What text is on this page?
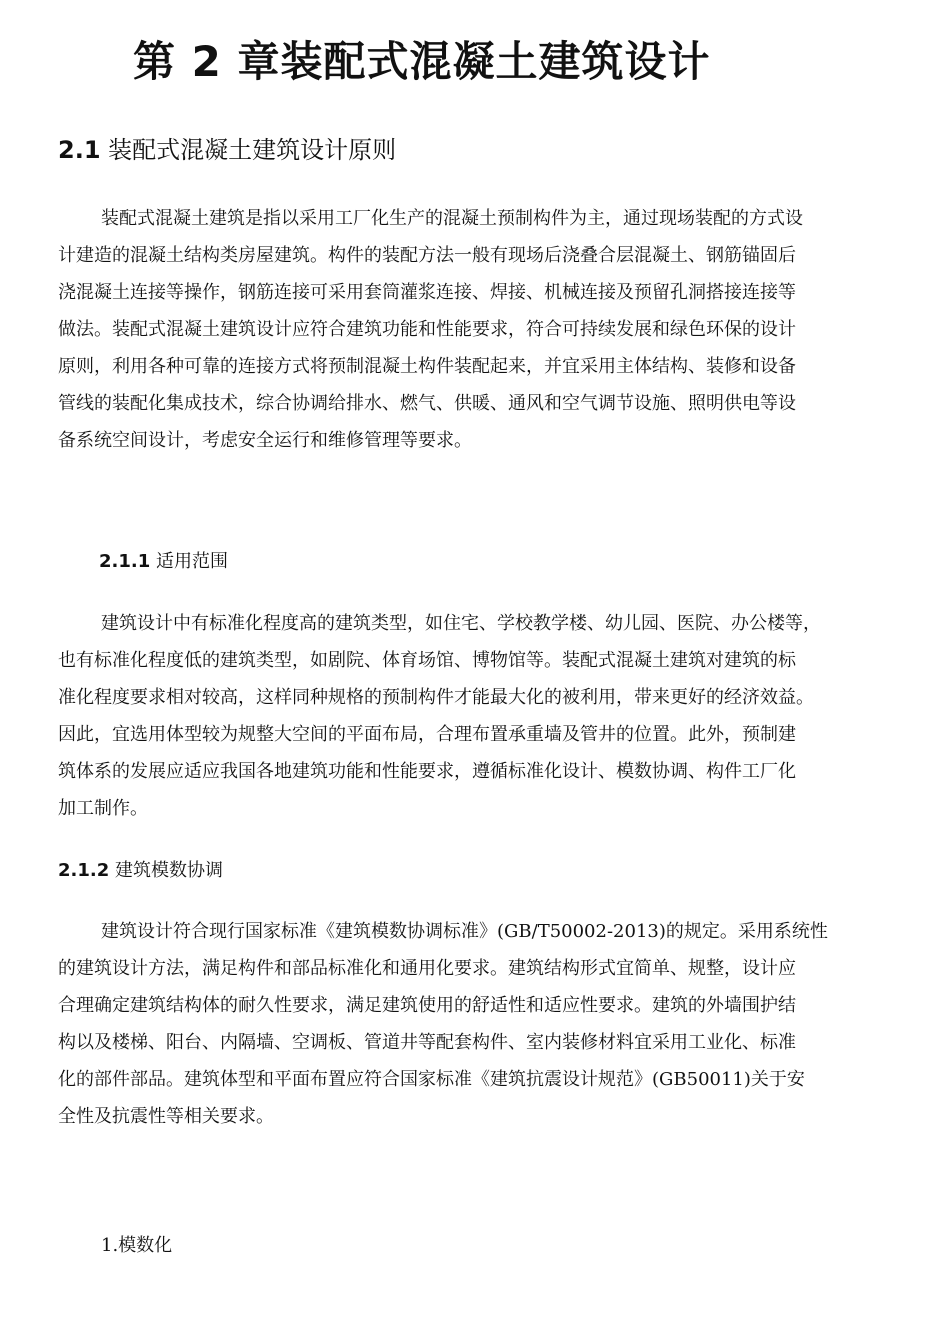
第 2 章装配式混凝土建筑设计
2.1 装配式混凝土建筑设计原则
装配式混凝土建筑是指以采用工厂化生产的混凝土预制构件为主，通过现场装配的方式设
计建造的混凝土结构类房屋建筑。构件的装配方法一般有现场后浇叠合层混凝土、钢筋锚固后
浇混凝土连接等操作，钢筋连接可采用套筒灌浆连接、焊接、机械连接及预留孔洞搭接连接等
做法。装配式混凝土建筑设计应符合建筑功能和性能要求，符合可持续发展和绿色环保的设计
原则，利用各种可靠的连接方式将预制混凝土构件装配起来，并宜采用主体结构、装修和设备
管线的装配化集成技术，综合协调给排水、燃气、供暖、通风和空气调节设施、照明供电等设
备系统空间设计，考虑安全运行和维修管理等要求。
2.1.1 适用范围
建筑设计中有标准化程度高的建筑类型，如住宅、学校教学楼、幼儿园、医院、办公楼等，
也有标准化程度低的建筑类型，如剧院、体育场馆、博物馆等。装配式混凝土建筑对建筑的标
准化程度要求相对较高，这样同种规格的预制构件才能最大化的被利用，带来更好的经济效益。
因此，宜选用体型较为规整大空间的平面布局，合理布置承重墙及管井的位置。此外，预制建
筑体系的发展应适应我国各地建筑功能和性能要求，遵循标准化设计、模数协调、构件工厂化
加工制作。
2.1.2 建筑模数协调
建筑设计符合现行国家标准《建筑模数协调标准》(GB/T50002-2013)的规定。采用系统性
的建筑设计方法，满足构件和部品标准化和通用化要求。建筑结构形式宜简单、规整，设计应
合理确定建筑结构体的耐久性要求，满足建筑使用的舒适性和适应性要求。建筑的外墙围护结
构以及楼梯、阳台、内隔墙、空调板、管道井等配套构件、室内装修材料宜采用工业化、标准
化的部件部品。建筑体型和平面布置应符合国家标准《建筑抗震设计规范》(GB50011)关于安
全性及抗震性等相关要求。

1.模数化
